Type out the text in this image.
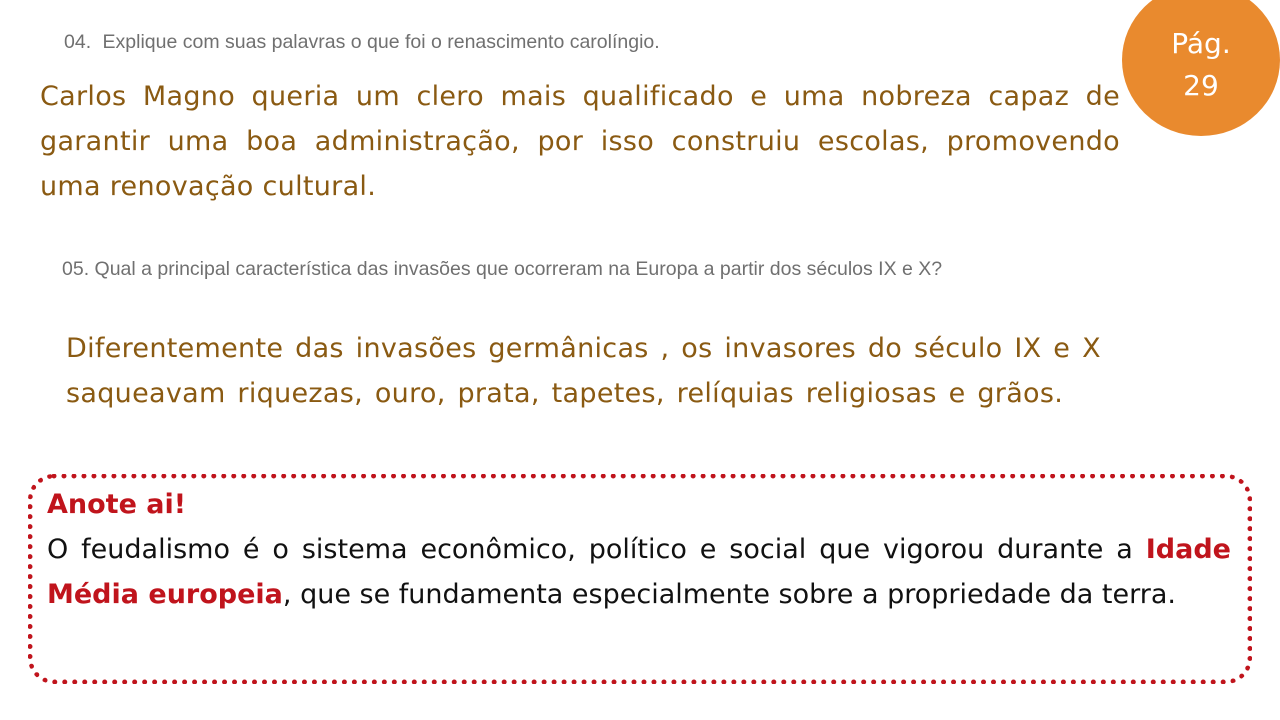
04. Explique com suas palavras o que foi o renascimento carolíngio.
Carlos Magno queria um clero mais qualificado e uma nobreza capaz de garantir uma boa administração, por isso construiu escolas, promovendo uma renovação cultural.
Pág.
29
05. Qual a principal característica das invasões que ocorreram na Europa a partir dos séculos IX e X?
Diferentemente das invasões germânicas , os invasores do século IX e X
saqueavam riquezas, ouro, prata, tapetes, relíquias religiosas e grãos.
Anote ai!
O feudalismo é o sistema econômico, político e social que vigorou durante a Idade Média europeia, que se fundamenta especialmente sobre a propriedade da terra.
